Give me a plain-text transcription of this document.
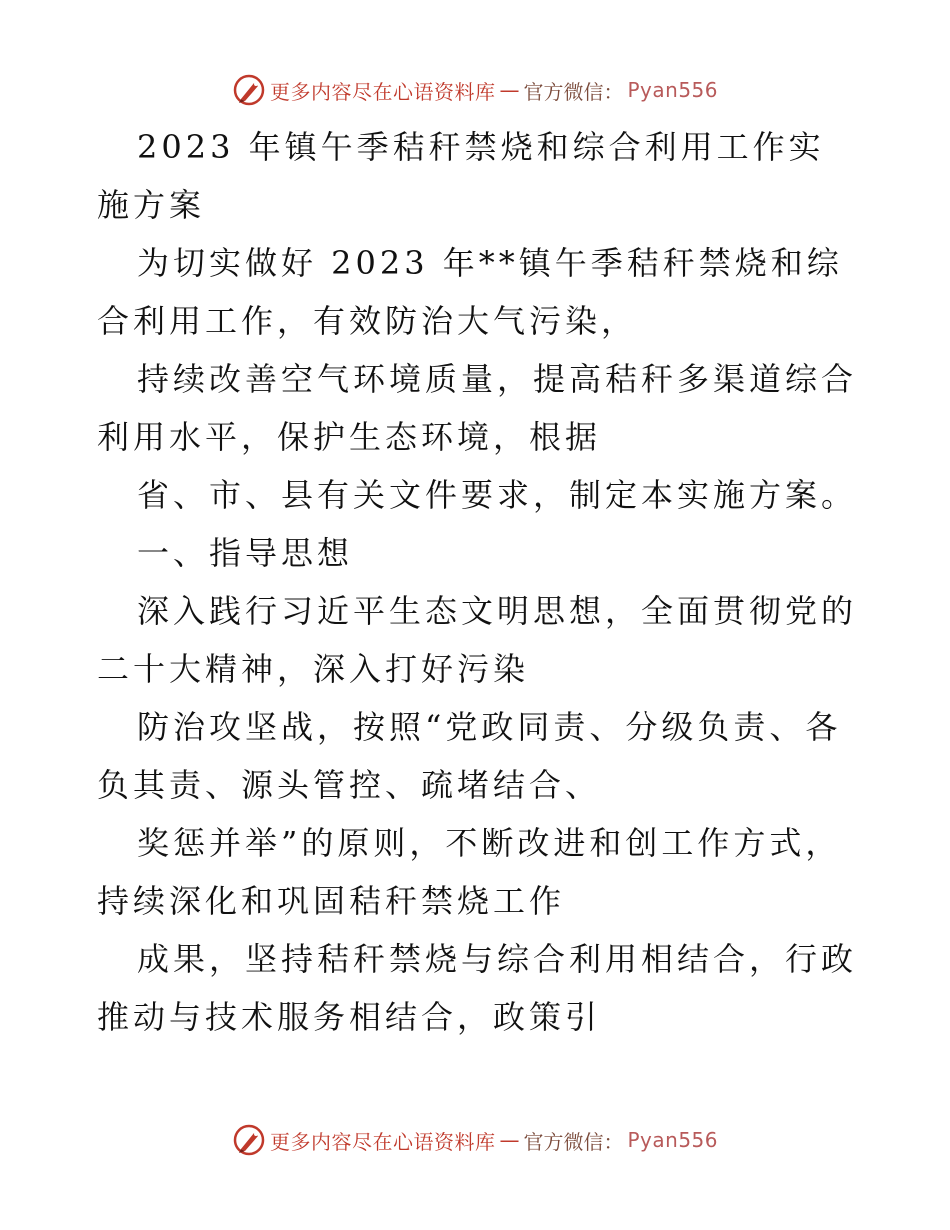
更多内容尽在心语资料库 — 官方微信： Pyan556

2023 年镇午季秸秆禁烧和综合利用工作实施方案

为切实做好 2023 年**镇午季秸秆禁烧和综合利用工作，有效防治大气污染，

持续改善空气环境质量，提高秸秆多渠道综合利用水平，保护生态环境，根据

省、市、县有关文件要求，制定本实施方案。

一、指导思想

深入践行习近平生态文明思想，全面贯彻党的二十大精神，深入打好污染

防治攻坚战，按照“党政同责、分级负责、各负其责、源头管控、疏堵结合、

奖惩并举”的原则，不断改进和创工作方式，持续深化和巩固秸秆禁烧工作

成果，坚持秸秆禁烧与综合利用相结合，行政推动与技术服务相结合，政策引

更多内容尽在心语资料库 — 官方微信： Pyan556
